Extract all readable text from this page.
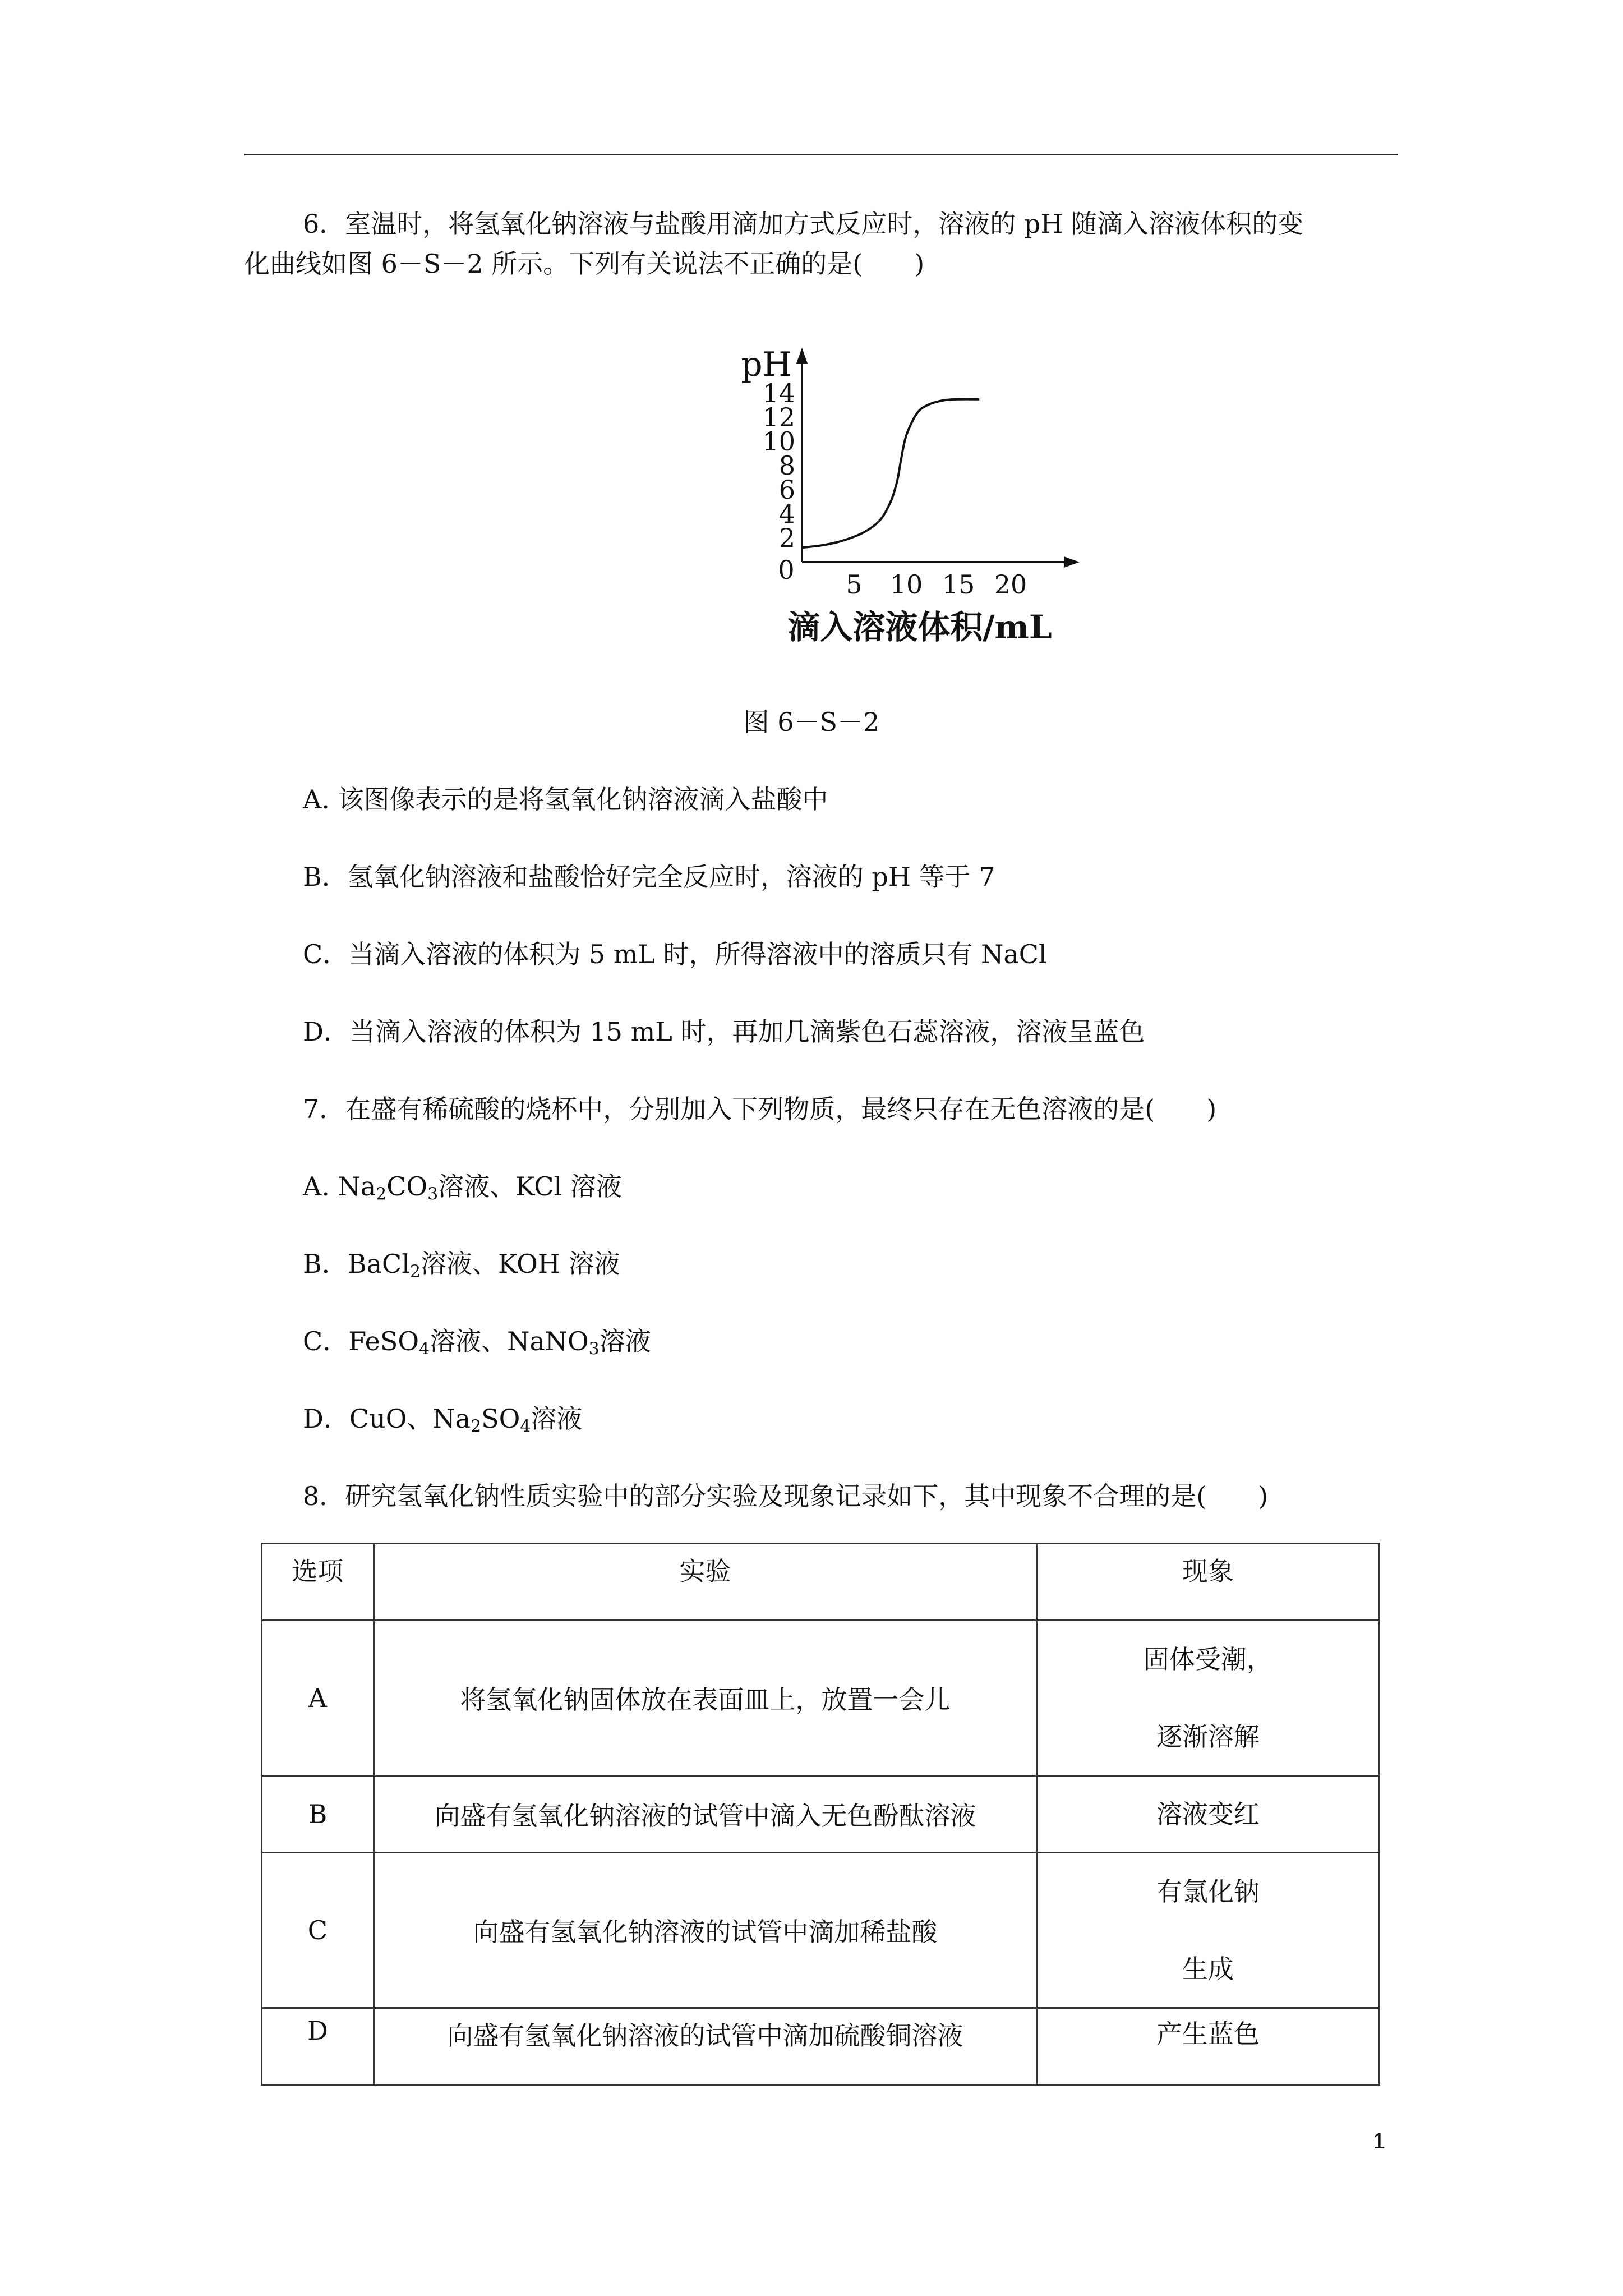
6．室温时，将氢氧化钠溶液与盐酸用滴加方式反应时，溶液的 pH 随滴入溶液体积的变
化曲线如图 6－S－2 所示。下列有关说法不正确的是(　　)
pH
0
2
4
6
8
10
12
14
5 10 15 20
滴入溶液体积/mL
图 6－S－2
A. 该图像表示的是将氢氧化钠溶液滴入盐酸中
B．氢氧化钠溶液和盐酸恰好完全反应时，溶液的 pH 等于 7
C．当滴入溶液的体积为 5 mL 时，所得溶液中的溶质只有 NaCl
D．当滴入溶液的体积为 15 mL 时，再加几滴紫色石蕊溶液，溶液呈蓝色
7．在盛有稀硫酸的烧杯中，分别加入下列物质，最终只存在无色溶液的是(　　)
A. $Na_2CO_3$溶液、KCl 溶液
B．BaCl$_2$溶液、KOH 溶液
C．FeSO$_4$溶液、NaNO$_3$溶液
D．CuO、$Na_2SO_4$溶液
8．研究氢氧化钠性质实验中的部分实验及现象记录如下，其中现象不合理的是(　　)
选项	实验	现象
A	将氢氧化钠固体放在表面皿上，放置一会儿	固体受潮，
逐渐溶解

B	向盛有氢氧化钠溶液的试管中滴入无色酚酞溶液	溶液变红

C	向盛有氢氧化钠溶液的试管中滴加稀盐酸	有氯化钠
生成

D	向盛有氢氧化钠溶液的试管中滴加硫酸铜溶液	产生蓝色
1
